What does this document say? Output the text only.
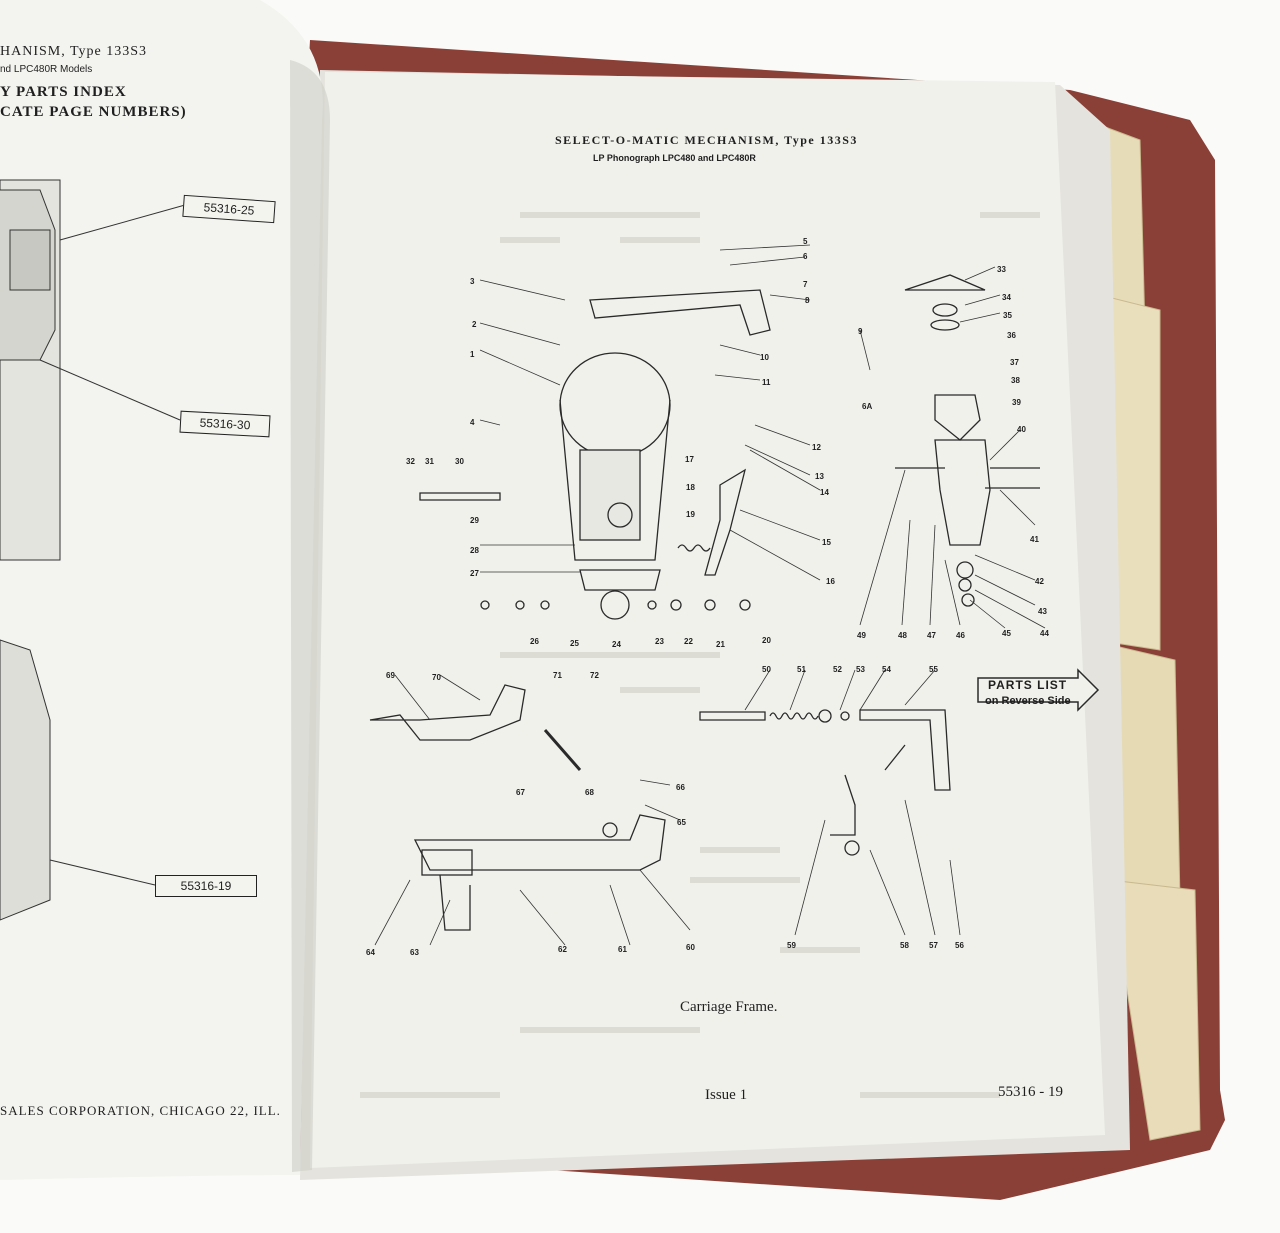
HANISM, Type 133S3
nd LPC480R Models
Y PARTS INDEX
CATE PAGE NUMBERS)
55316-25
55316-30
55316-19
SALES CORPORATION, CHICAGO 22, ILL.
SELECT-O-MATIC MECHANISM, Type 133S3
LP Phonograph LPC480 and LPC480R
PARTS LIST
on Reverse Side
Carriage Frame.
Issue 1	55316 - 19
1
2
3
4
5
6
6A
7
8
9
10
11
12
13
14
15
16
17
18
19
20
21
22
23
24
25
26
27
28
29
30
31
32
33
34
35
36
37
38
39
40
41
42
43
44
45
46
47
48
49
50	51	52 53 54	55
56
57
58
59
60
61
62
63
64
65
66
67	68
69	70	71	72
